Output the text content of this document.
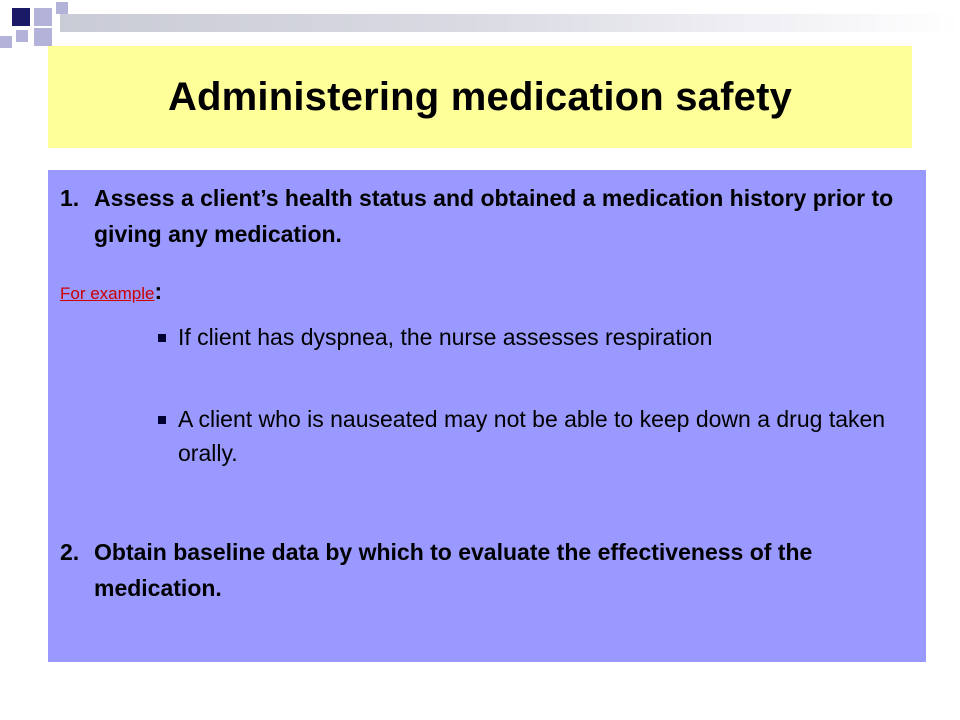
Administering medication safety
1. Assess a client’s health status and obtained a medication history prior to giving any medication.
For example:
If client has dyspnea, the nurse assesses respiration
A client who is nauseated may not be able to keep down a drug taken orally.
2. Obtain baseline data by which to evaluate the effectiveness of the medication.
